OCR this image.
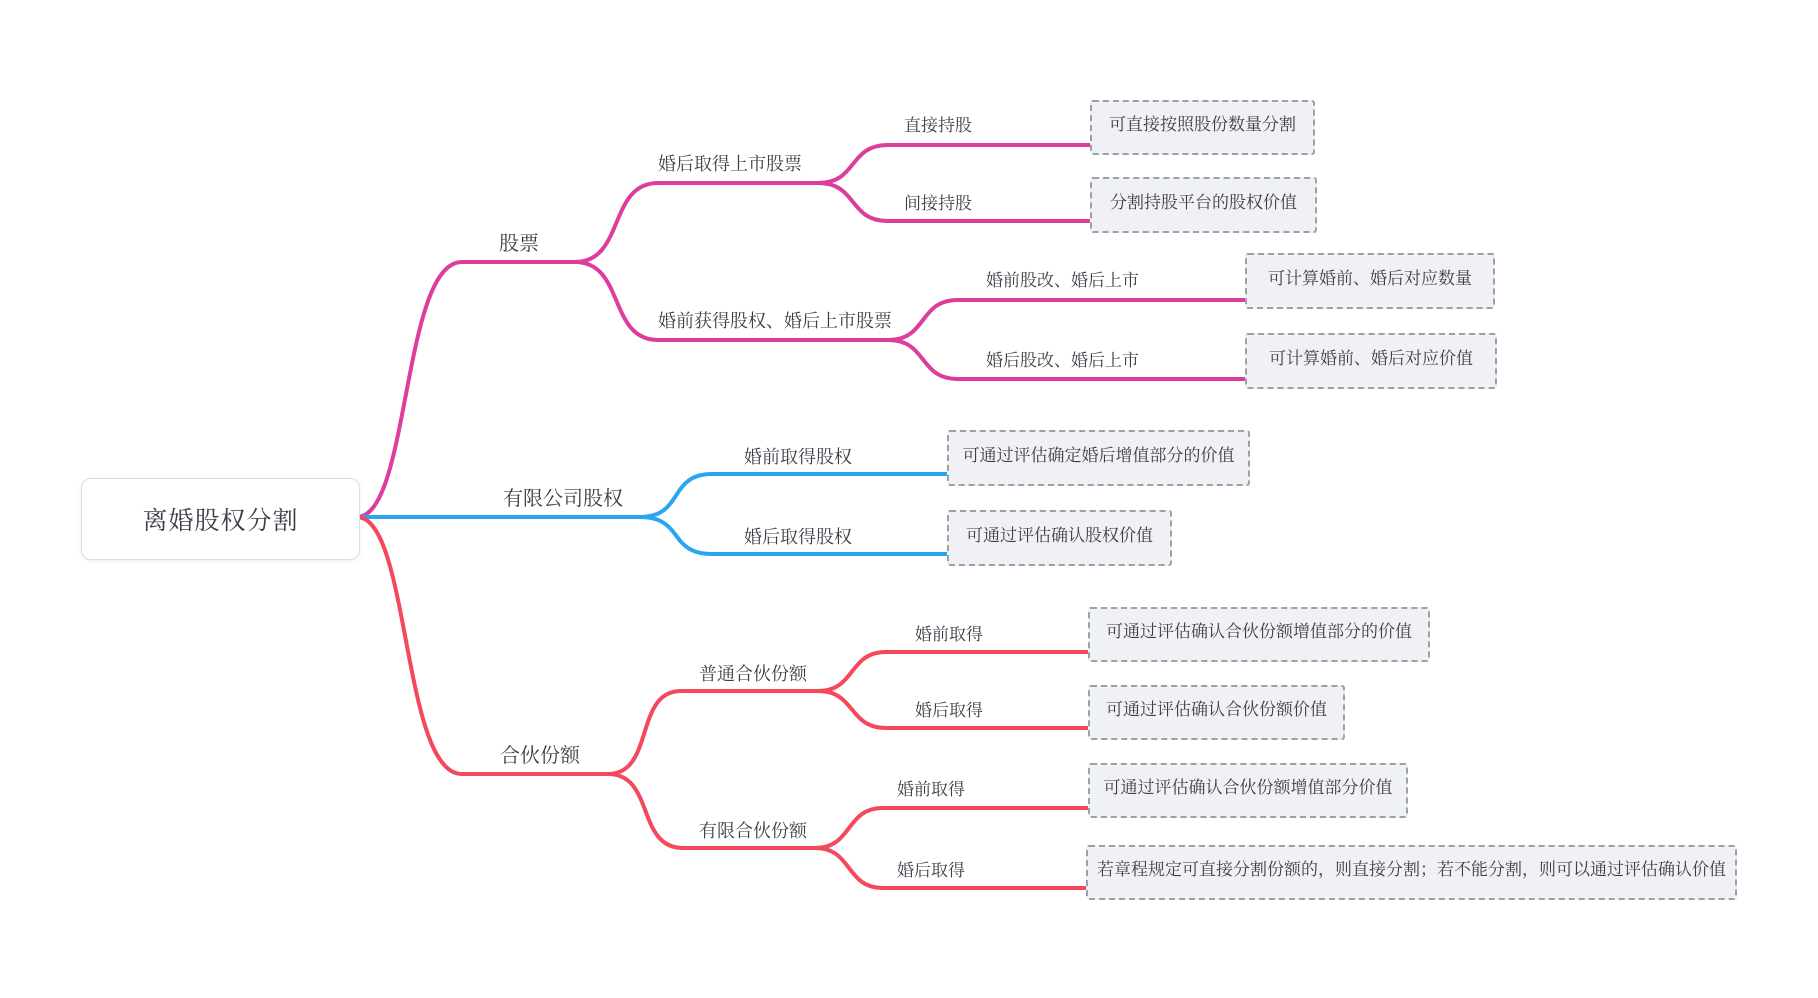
离婚股权分割
股票
有限公司股权
合伙份额
婚后取得上市股票
婚前获得股权、婚后上市股票
婚前取得股权
婚后取得股权
普通合伙份额
有限合伙份额
直接持股
间接持股
婚前股改、婚后上市
婚后股改、婚后上市
婚前取得
婚后取得
婚前取得
婚后取得
可直接按照股份数量分割
分割持股平台的股权价值
可计算婚前、婚后对应数量
可计算婚前、婚后对应价值
可通过评估确定婚后增值部分的价值
可通过评估确认股权价值
可通过评估确认合伙份额增值部分的价值
可通过评估确认合伙份额价值
可通过评估确认合伙份额增值部分价值
若章程规定可直接分割份额的，则直接分割；若不能分割，则可以通过评估确认价值
